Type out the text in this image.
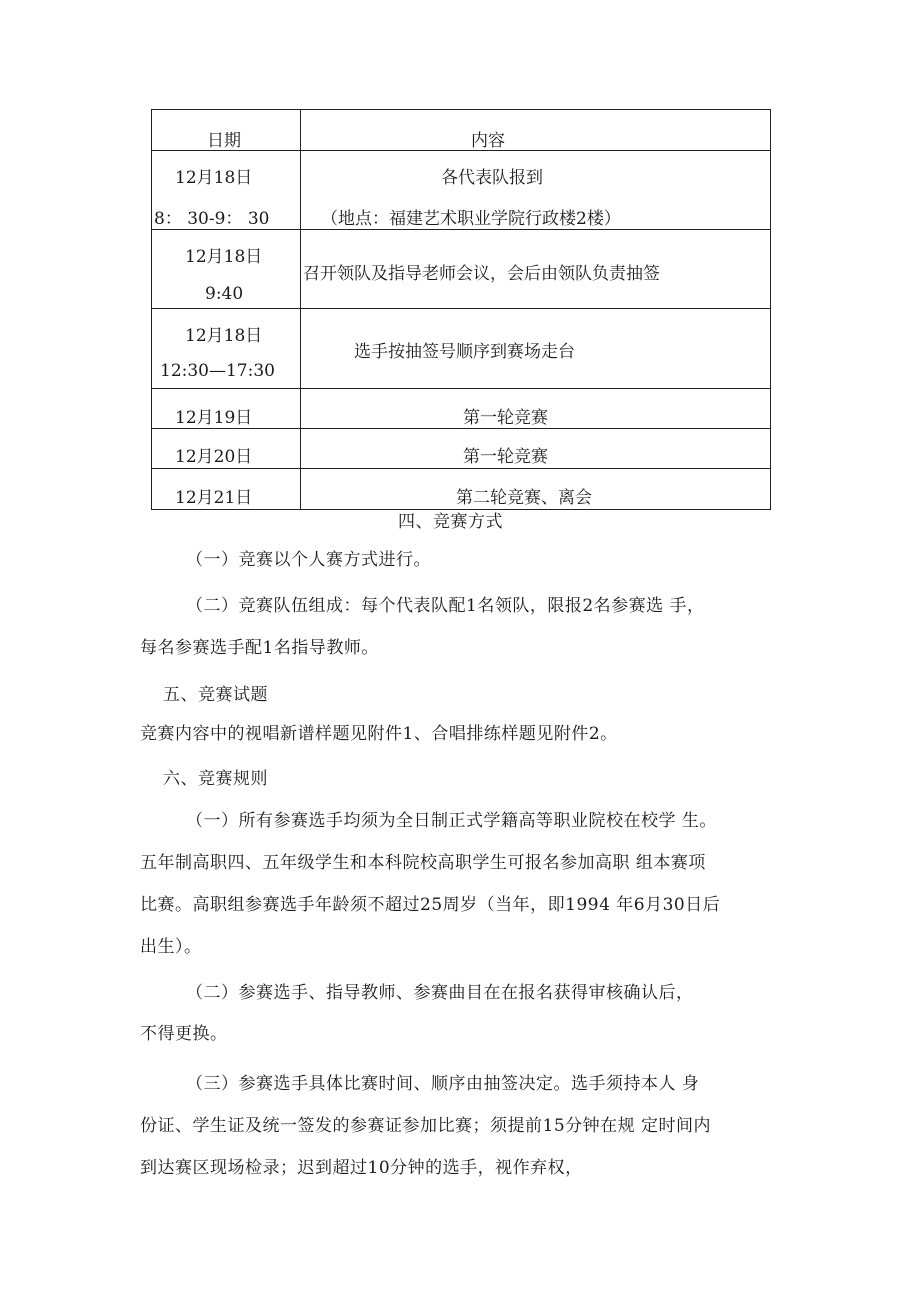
日期	内容

12月18日
8： 30-9： 30	各代表队报到
（地点：福建艺术职业学院行政楼2楼）

12月18日
9:40	召开领队及指导老师会议，会后由领队负责抽签

12月18日
12:30—17:30	选手按抽签号顺序到赛场走台

12月19日	第一轮竞赛

12月20日	第一轮竞赛

12月21日	第二轮竞赛、离会
四、竞赛方式
（一）竞赛以个人赛方式进行。
（二）竞赛队伍组成：每个代表队配1名领队，限报2名参赛选 手，
每名参赛选手配1名指导教师。
五、竞赛试题
竞赛内容中的视唱新谱样题见附件1、合唱排练样题见附件2。
六、竞赛规则
（一）所有参赛选手均须为全日制正式学籍高等职业院校在校学 生。
五年制高职四、五年级学生和本科院校高职学生可报名参加高职 组本赛项
比赛。高职组参赛选手年龄须不超过25周岁（当年，即1994 年6月30日后
出生）。
（二）参赛选手、指导教师、参赛曲目在在报名获得审核确认后，
不得更换。
（三）参赛选手具体比赛时间、顺序由抽签决定。选手须持本人 身
份证、学生证及统一签发的参赛证参加比赛；须提前15分钟在规 定时间内
到达赛区现场检录；迟到超过10分钟的选手，视作弃权，
